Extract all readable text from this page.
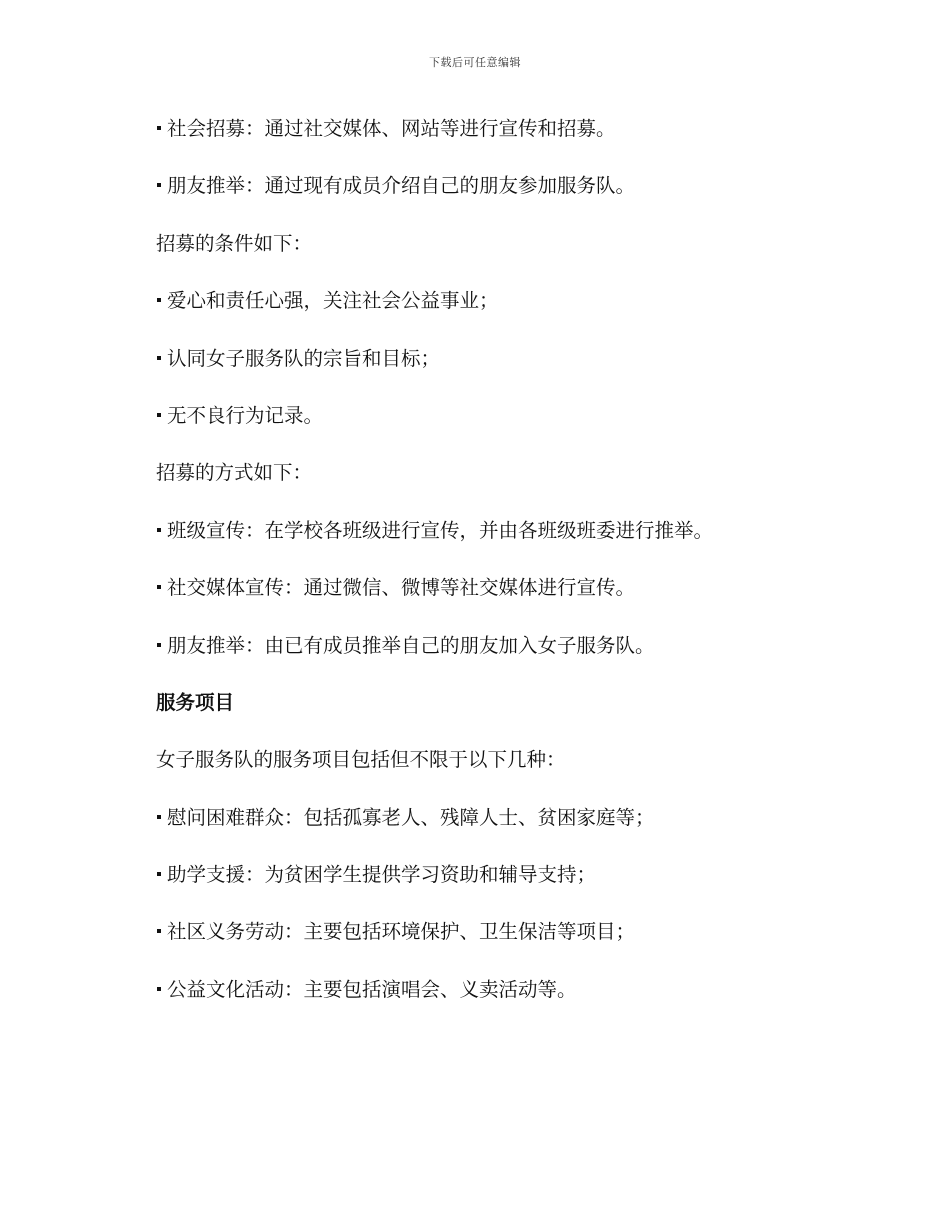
下载后可任意编辑
社会招募：通过社交媒体、网站等进行宣传和招募。
朋友推举：通过现有成员介绍自己的朋友参加服务队。
招募的条件如下：
爱心和责任心强，关注社会公益事业；
认同女子服务队的宗旨和目标；
无不良行为记录。
招募的方式如下：
班级宣传：在学校各班级进行宣传，并由各班级班委进行推举。
社交媒体宣传：通过微信、微博等社交媒体进行宣传。
朋友推举：由已有成员推举自己的朋友加入女子服务队。
服务项目
女子服务队的服务项目包括但不限于以下几种：
慰问困难群众：包括孤寡老人、残障人士、贫困家庭等；
助学支援：为贫困学生提供学习资助和辅导支持；
社区义务劳动：主要包括环境保护、卫生保洁等项目；
公益文化活动：主要包括演唱会、义卖活动等。
